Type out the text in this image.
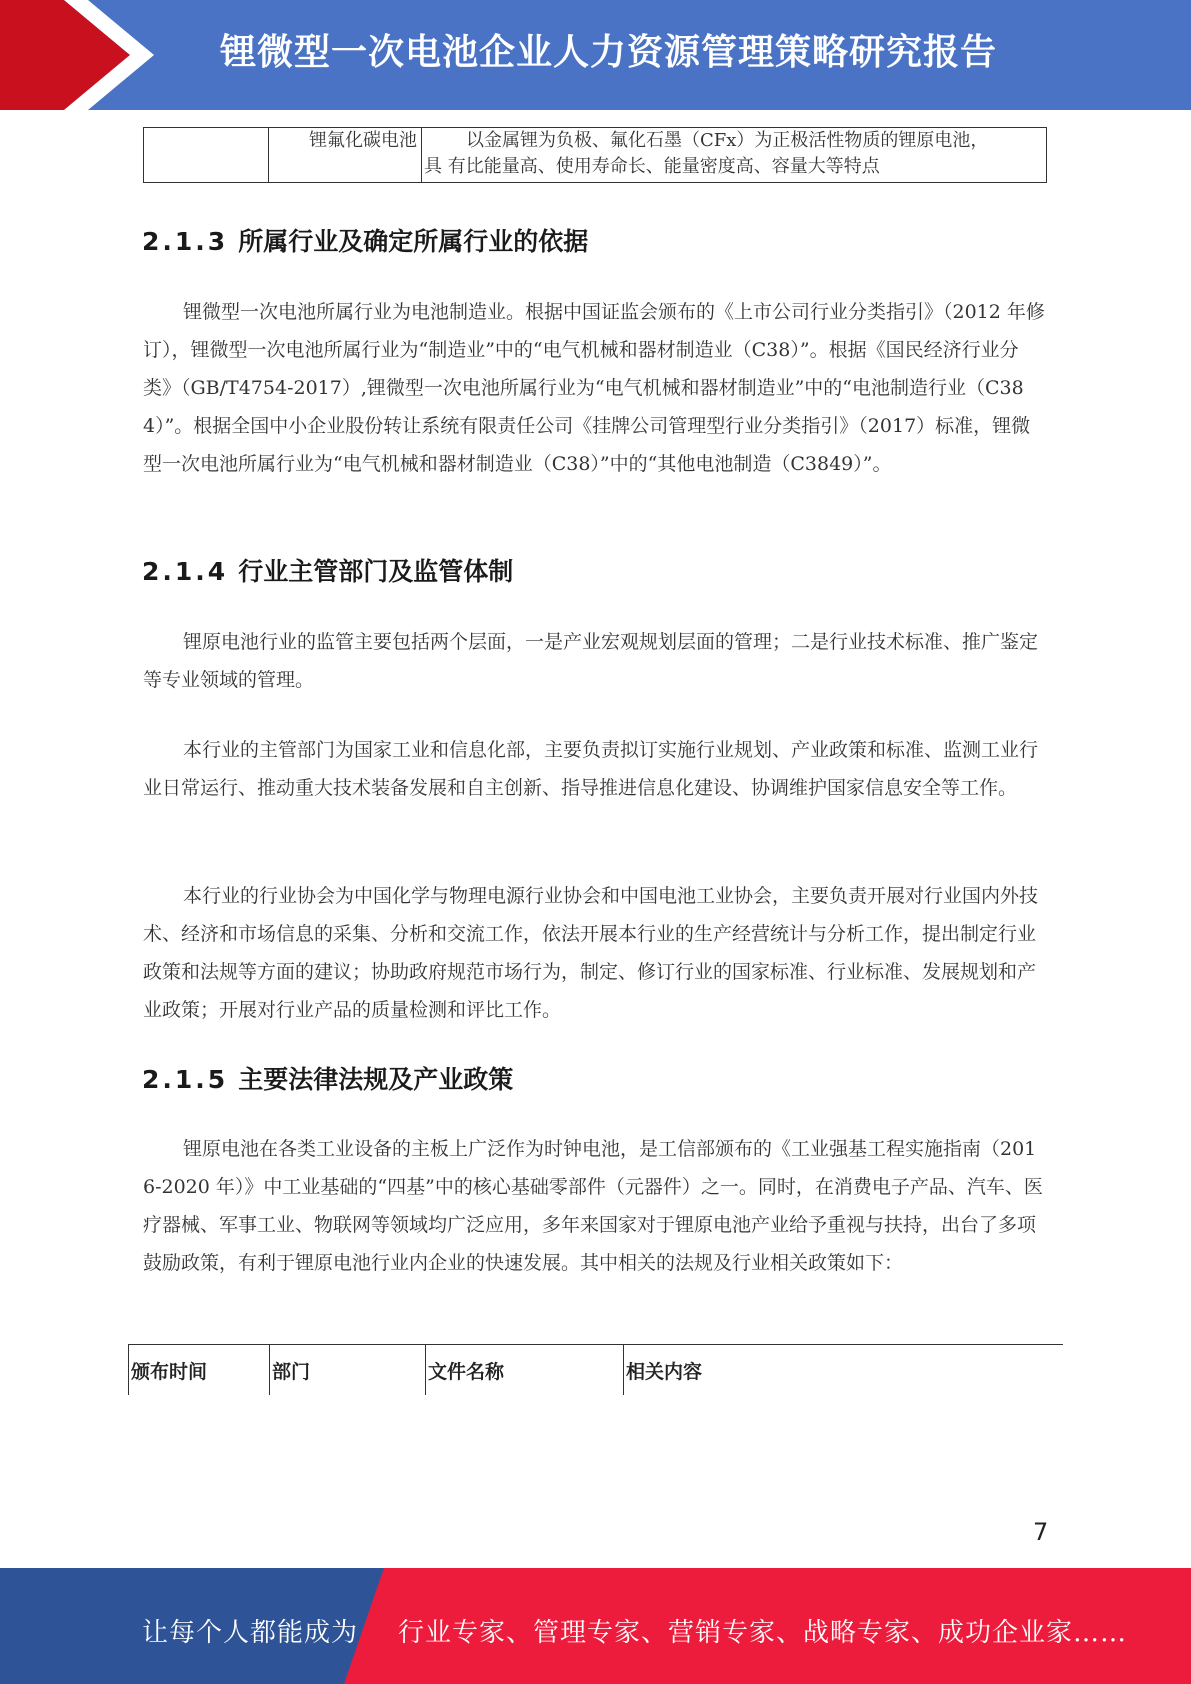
锂微型一次电池企业人力资源管理策略研究报告
	锂氟化碳电池	以金属锂为负极、氟化石墨（CFx）为正极活性物质的锂原电池，
具 有比能量高、使用寿命长、能量密度高、容量大等特点
2.1.3 所属行业及确定所属行业的依据

锂微型一次电池所属行业为电池制造业。根据中国证监会颁布的《上市公司行业分类指引》（2012 年修订），锂微型一次电池所属行业为“制造业”中的“电气机械和器材制造业（C38）”。根据《国民经济行业分类》（GB/T4754-2017）,锂微型一次电池所属行业为“电气机械和器材制造业”中的“电池制造行业（C384）”。根据全国中小企业股份转让系统有限责任公司《挂牌公司管理型行业分类指引》（2017）标准，锂微型一次电池所属行业为“电气机械和器材制造业（C38）”中的“其他电池制造（C3849）”。

2.1.4 行业主管部门及监管体制

锂原电池行业的监管主要包括两个层面，一是产业宏观规划层面的管理；二是行业技术标准、推广鉴定等专业领域的管理。

本行业的主管部门为国家工业和信息化部，主要负责拟订实施行业规划、产业政策和标准、监测工业行业日常运行、推动重大技术装备发展和自主创新、指导推进信息化建设、协调维护国家信息安全等工作。

本行业的行业协会为中国化学与物理电源行业协会和中国电池工业协会，主要负责开展对行业国内外技术、经济和市场信息的采集、分析和交流工作，依法开展本行业的生产经营统计与分析工作，提出制定行业政策和法规等方面的建议；协助政府规范市场行为，制定、修订行业的国家标准、行业标准、发展规划和产业政策；开展对行业产品的质量检测和评比工作。

2.1.5 主要法律法规及产业政策

锂原电池在各类工业设备的主板上广泛作为时钟电池，是工信部颁布的《工业强基工程实施指南（2016-2020 年）》中工业基础的“四基”中的核心基础零部件（元器件）之一。同时，在消费电子产品、汽车、医疗器械、军事工业、物联网等领域均广泛应用，多年来国家对于锂原电池产业给予重视与扶持，出台了多项鼓励政策，有利于锂原电池行业内企业的快速发展。其中相关的法规及行业相关政策如下：

颁布时间	部门	文件名称	相关内容
7
让每个人都能成为 行业专家、管理专家、营销专家、战略专家、成功企业家……
